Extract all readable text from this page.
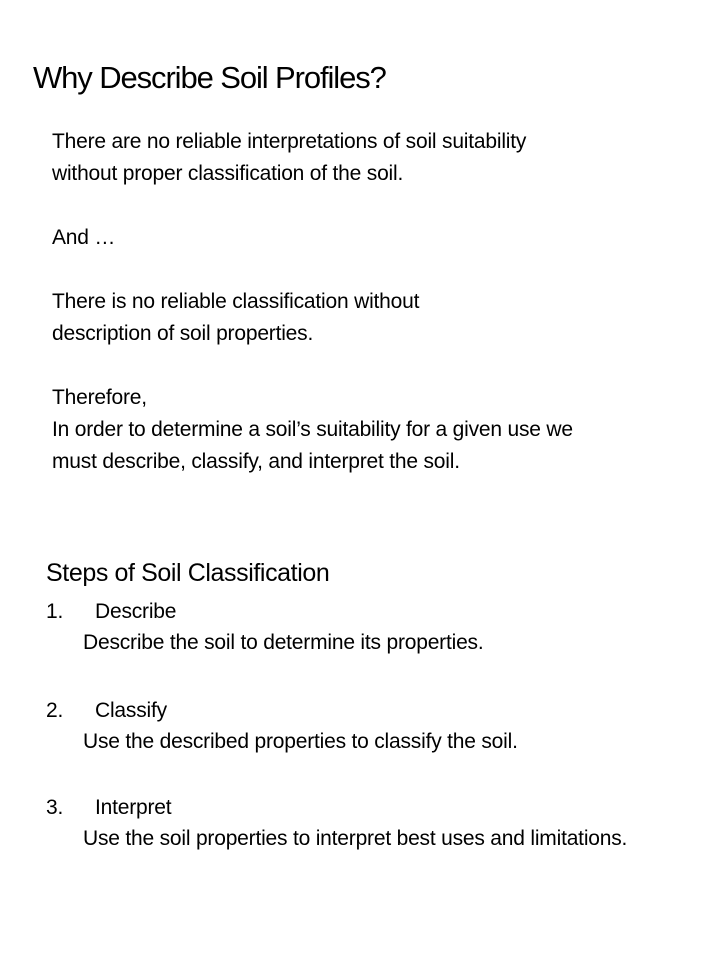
Why Describe Soil Profiles?

There are no reliable interpretations of soil suitability without proper classification of the soil.

And …

There is no reliable classification without description of soil properties.

Therefore,

In order to determine a soil’s suitability for a given use we must describe, classify, and interpret the soil.

Steps of Soil Classification
1. Describe
Describe the soil to determine its properties.
2. Classify
Use the described properties to classify the soil.
3. Interpret
Use the soil properties to interpret best uses and limitations.
